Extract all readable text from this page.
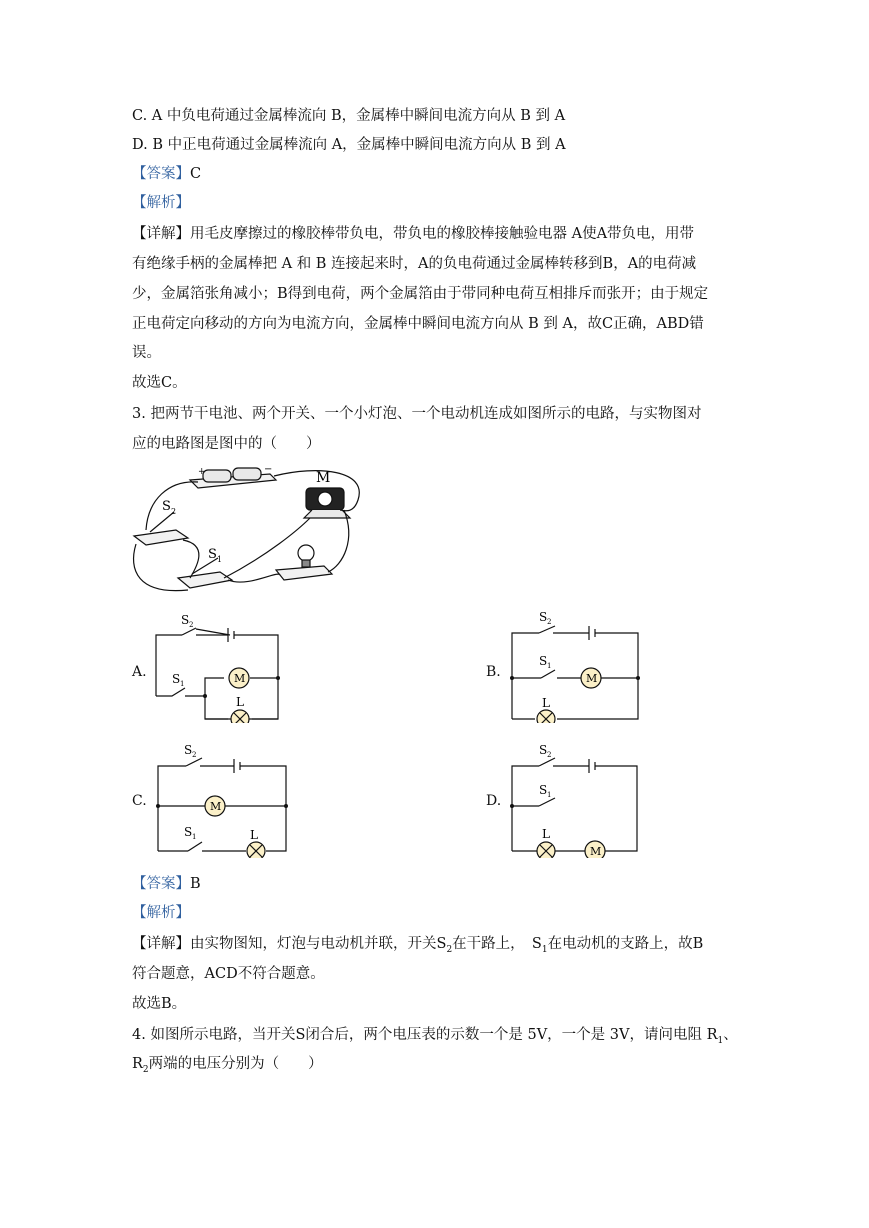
C. A 中负电荷通过金属棒流向 B，金属棒中瞬间电流方向从 B 到 A
D. B 中正电荷通过金属棒流向 A，金属棒中瞬间电流方向从 B 到 A
【答案】C
【解析】
【详解】用毛皮摩擦过的橡胶棒带负电，带负电的橡胶棒接触验电器 A使A带负电，用带
有绝缘手柄的金属棒把 A 和 B 连接起来时，A的负电荷通过金属棒转移到B，A的电荷减
少，金属箔张角减小；B得到电荷，两个金属箔由于带同种电荷互相排斥而张开；由于规定
正电荷定向移动的方向为电流方向，金属棒中瞬间电流方向从 B 到 A，故C正确，ABD错
误。
故选C。
3. 把两节干电池、两个开关、一个小灯泡、一个电动机连成如图所示的电路，与实物图对
应的电路图是图中的（　　）
+	−
M
S 2
S 1
A.
S 2
S 1	M
L
B.
S 2
S 1
M
L
C.
S 2
S 1
M
L
D.
S 2
S 1
L
M
【答案】B
【解析】
【详解】由实物图知，灯泡与电动机并联，开关$S_2$在干路上，　$S_1$在电动机的支路上，故B
符合题意，ACD不符合题意。
故选B。
4. 如图所示电路，当开关S闭合后，两个电压表的示数一个是 5V，一个是 3V，请问电阻 $R_1$、
$R_2$两端的电压分别为（　　）
